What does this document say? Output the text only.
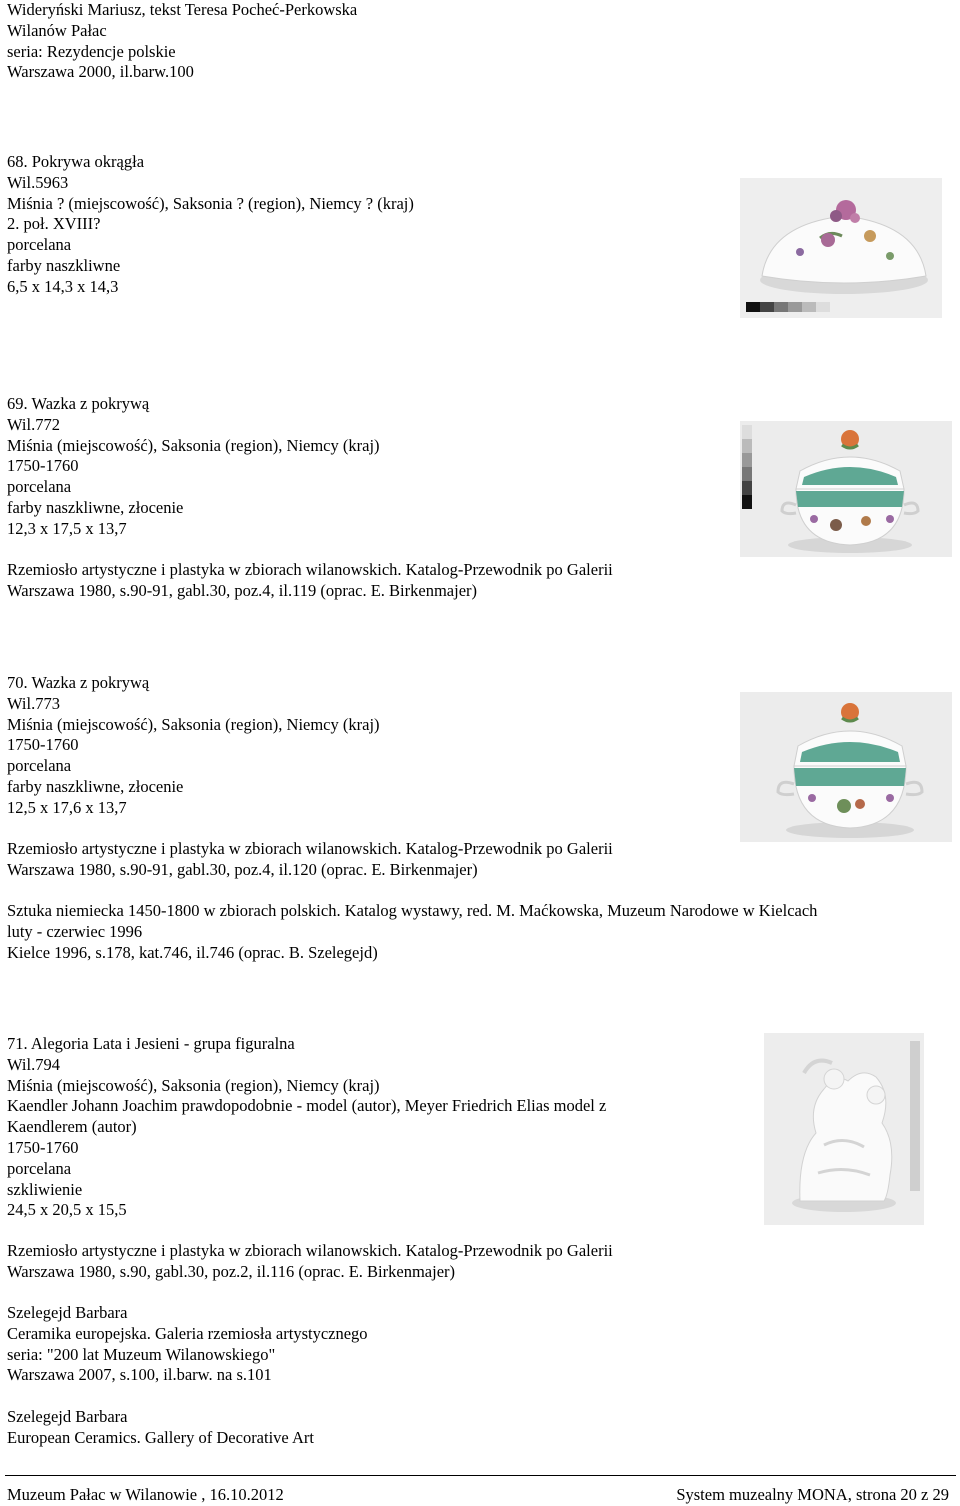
Wideryński Mariusz, tekst Teresa Pocheć-Perkowska
Wilanów Pałac
seria: Rezydencje polskie
Warszawa 2000, il.barw.100
68. Pokrywa okrągła
Wil.5963
Miśnia ? (miejscowość), Saksonia ? (region), Niemcy ? (kraj)
2. poł. XVIII?
porcelana
farby naszkliwne
6,5 x 14,3 x 14,3
69. Wazka z pokrywą
Wil.772
Miśnia (miejscowość), Saksonia (region), Niemcy (kraj)
1750-1760
porcelana
farby naszkliwne, złocenie
12,3 x 17,5 x 13,7
Rzemiosło artystyczne i plastyka w zbiorach wilanowskich. Katalog-Przewodnik po Galerii
Warszawa 1980, s.90-91, gabl.30, poz.4, il.119 (oprac. E. Birkenmajer)
70. Wazka z pokrywą
Wil.773
Miśnia (miejscowość), Saksonia (region), Niemcy (kraj)
1750-1760
porcelana
farby naszkliwne, złocenie
12,5 x 17,6 x 13,7
Rzemiosło artystyczne i plastyka w zbiorach wilanowskich. Katalog-Przewodnik po Galerii
Warszawa 1980, s.90-91, gabl.30, poz.4, il.120 (oprac. E. Birkenmajer)
Sztuka niemiecka 1450-1800 w zbiorach polskich. Katalog wystawy, red. M. Maćkowska, Muzeum Narodowe w Kielcach
luty - czerwiec 1996
Kielce 1996, s.178, kat.746, il.746 (oprac. B. Szelegejd)
71. Alegoria Lata i Jesieni - grupa figuralna
Wil.794
Miśnia (miejscowość), Saksonia (region), Niemcy (kraj)
Kaendler Johann Joachim prawdopodobnie - model (autor), Meyer Friedrich Elias model z
Kaendlerem (autor)
1750-1760
porcelana
szkliwienie
24,5 x 20,5 x 15,5
Rzemiosło artystyczne i plastyka w zbiorach wilanowskich. Katalog-Przewodnik po Galerii
Warszawa 1980, s.90, gabl.30, poz.2, il.116 (oprac. E. Birkenmajer)
Szelegejd Barbara
Ceramika europejska. Galeria rzemiosła artystycznego
seria: "200 lat Muzeum Wilanowskiego"
Warszawa 2007, s.100, il.barw. na s.101
Szelegejd Barbara
European Ceramics. Gallery of Decorative Art
Muzeum Pałac w Wilanowie , 16.10.2012	System muzealny MONA, strona 20 z 29
